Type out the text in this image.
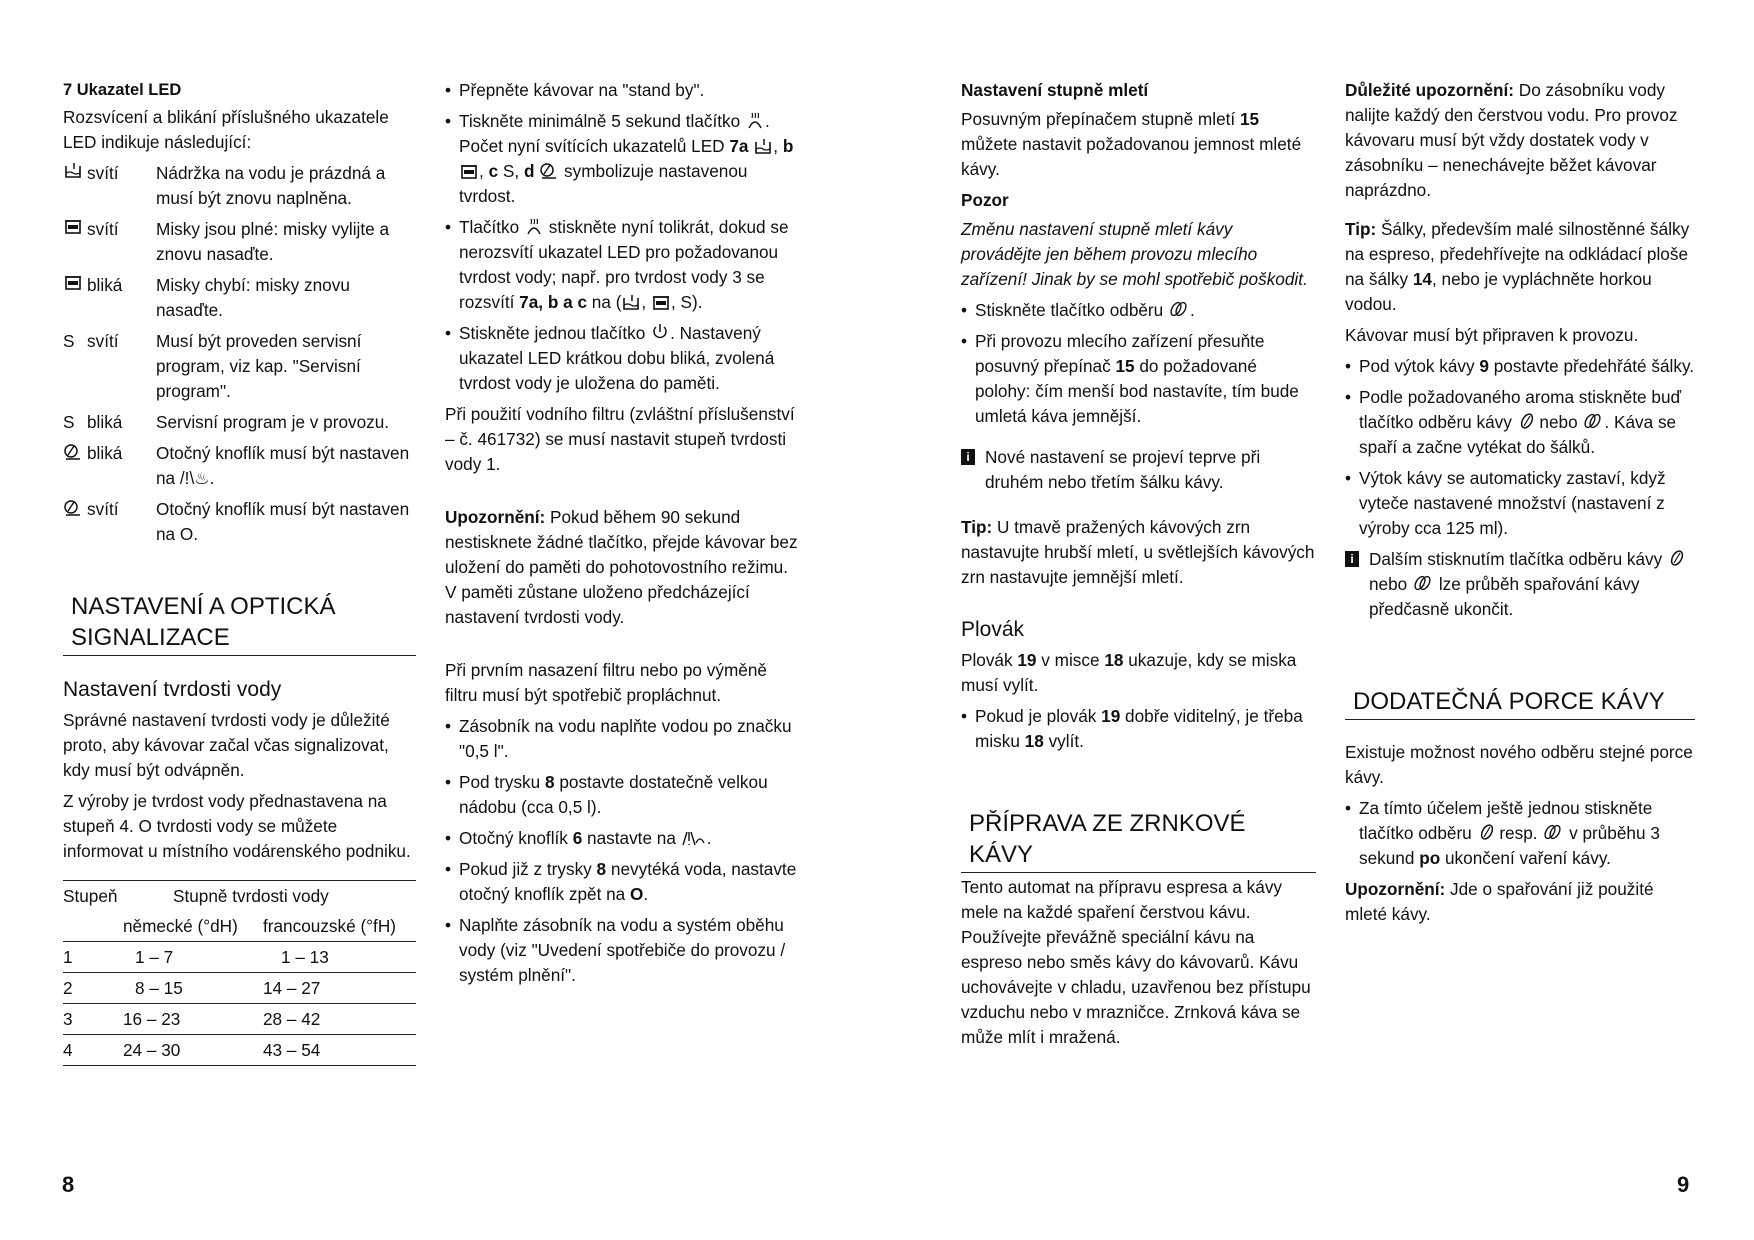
7 Ukazatel LED

Rozsvícení a blikání příslušného ukazatele LED indikuje následující:

svítí Nádržka na vodu je prázdná a musí být znovu naplněna.
svítí Misky jsou plné: misky vylijte a znovu nasaďte.
bliká Misky chybí: misky znovu nasaďte.
S svítí Musí být proveden servisní program, viz kap. "Servisní program".
S bliká Servisní program je v provozu.
bliká Otočný knoflík musí být nastaven na /!\♨.
svítí Otočný knoflík musí být nastaven na O.
NASTAVENÍ A OPTICKÁ SIGNALIZACE
Nastavení tvrdosti vody

Správné nastavení tvrdosti vody je důležité proto, aby kávovar začal včas signalizovat, kdy musí být odvápněn.

Z výroby je tvrdost vody přednastavena na stupeň 4. O tvrdosti vody se můžete informovat u místního vodárenského podniku.

Stupeň	Stupně tvrdosti vody	
	německé (°dH)	francouzské (°fH)
1	1 – 7	1 – 13
2	8 – 15	14 – 27
3	16 – 23	28 – 42
4	24 – 30	43 – 54
• Přepněte kávovar na "stand by".
• Tiskněte minimálně 5 sekund tlačítko . Počet nyní svítících ukazatelů LED 7a , b , c S, d symbolizuje nastavenou tvrdost.
• Tlačítko stiskněte nyní tolikrát, dokud se nerozsvítí ukazatel LED pro požadovanou tvrdost vody; např. pro tvrdost vody 3 se rozsvítí 7a, b a c na ( , , S).
• Stiskněte jednou tlačítko . Nastavený ukazatel LED krátkou dobu bliká, zvolená tvrdost vody je uložena do paměti.

Při použití vodního filtru (zvláštní příslušenství – č. 461732) se musí nastavit stupeň tvrdosti vody 1.

Upozornění: Pokud během 90 sekund nestisknete žádné tlačítko, přejde kávovar bez uložení do paměti do pohotovostního režimu. V paměti zůstane uloženo předcházející nastavení tvrdosti vody.

Při prvním nasazení filtru nebo po výměně filtru musí být spotřebič propláchnut.

• Zásobník na vodu naplňte vodou po značku "0,5 l".
• Pod trysku 8 postavte dostatečně velkou nádobu (cca 0,5 l).
• Otočný knoflík 6 nastavte na .
• Pokud již z trysky 8 nevytéká voda, nastavte otočný knoflík zpět na O.
• Naplňte zásobník na vodu a systém oběhu vody (viz "Uvedení spotřebiče do provozu / systém plnění".

Nastavení stupně mletí

Posuvným přepínačem stupně mletí 15 můžete nastavit požadovanou jemnost mleté kávy.

Pozor

Změnu nastavení stupně mletí kávy provádějte jen během provozu mlecího zařízení! Jinak by se mohl spotřebič poškodit.

• Stiskněte tlačítko odběru .
• Při provozu mlecího zařízení přesuňte posuvný přepínač 15 do požadované polohy: čím menší bod nastavíte, tím bude umletá káva jemnější.
i Nové nastavení se projeví teprve při druhém nebo třetím šálku kávy.

Tip: U tmavě pražených kávových zrn nastavujte hrubší mletí, u světlejších kávových zrn nastavujte jemnější mletí.

Plovák

Plovák 19 v misce 18 ukazuje, kdy se miska musí vylít.

• Pokud je plovák 19 dobře viditelný, je třeba misku 18 vylít.
PŘÍPRAVA ZE ZRNKOVÉ KÁVY

Tento automat na přípravu espresa a kávy mele na každé spaření čerstvou kávu. Používejte převážně speciální kávu na espreso nebo směs kávy do kávovarů. Kávu uchovávejte v chladu, uzavřenou bez přístupu vzduchu nebo v mrazničce. Zrnková káva se může mlít i mražená.

Důležité upozornění: Do zásobníku vody nalijte každý den čerstvou vodu. Pro provoz kávovaru musí být vždy dostatek vody v zásobníku – nenechávejte běžet kávovar naprázdno.

Tip: Šálky, především malé silnostěnné šálky na espreso, předehřívejte na odkládací ploše na šálky 14, nebo je vypláchněte horkou vodou.

Kávovar musí být připraven k provozu.

• Pod výtok kávy 9 postavte předehřáté šálky.
• Podle požadovaného aroma stiskněte buď tlačítko odběru kávy nebo . Káva se spaří a začne vytékat do šálků.
• Výtok kávy se automaticky zastaví, když vyteče nastavené množství (nastavení z výroby cca 125 ml).
i Dalším stisknutím tlačítka odběru kávy  nebo lze průběh spařování kávy předčasně ukončit.
DODATEČNÁ PORCE KÁVY

Existuje možnost nového odběru stejné porce kávy.

• Za tímto účelem ještě jednou stiskněte tlačítko odběru resp. v průběhu 3 sekund po ukončení vaření kávy.

Upozornění: Jde o spařování již použité mleté kávy.

8	9
